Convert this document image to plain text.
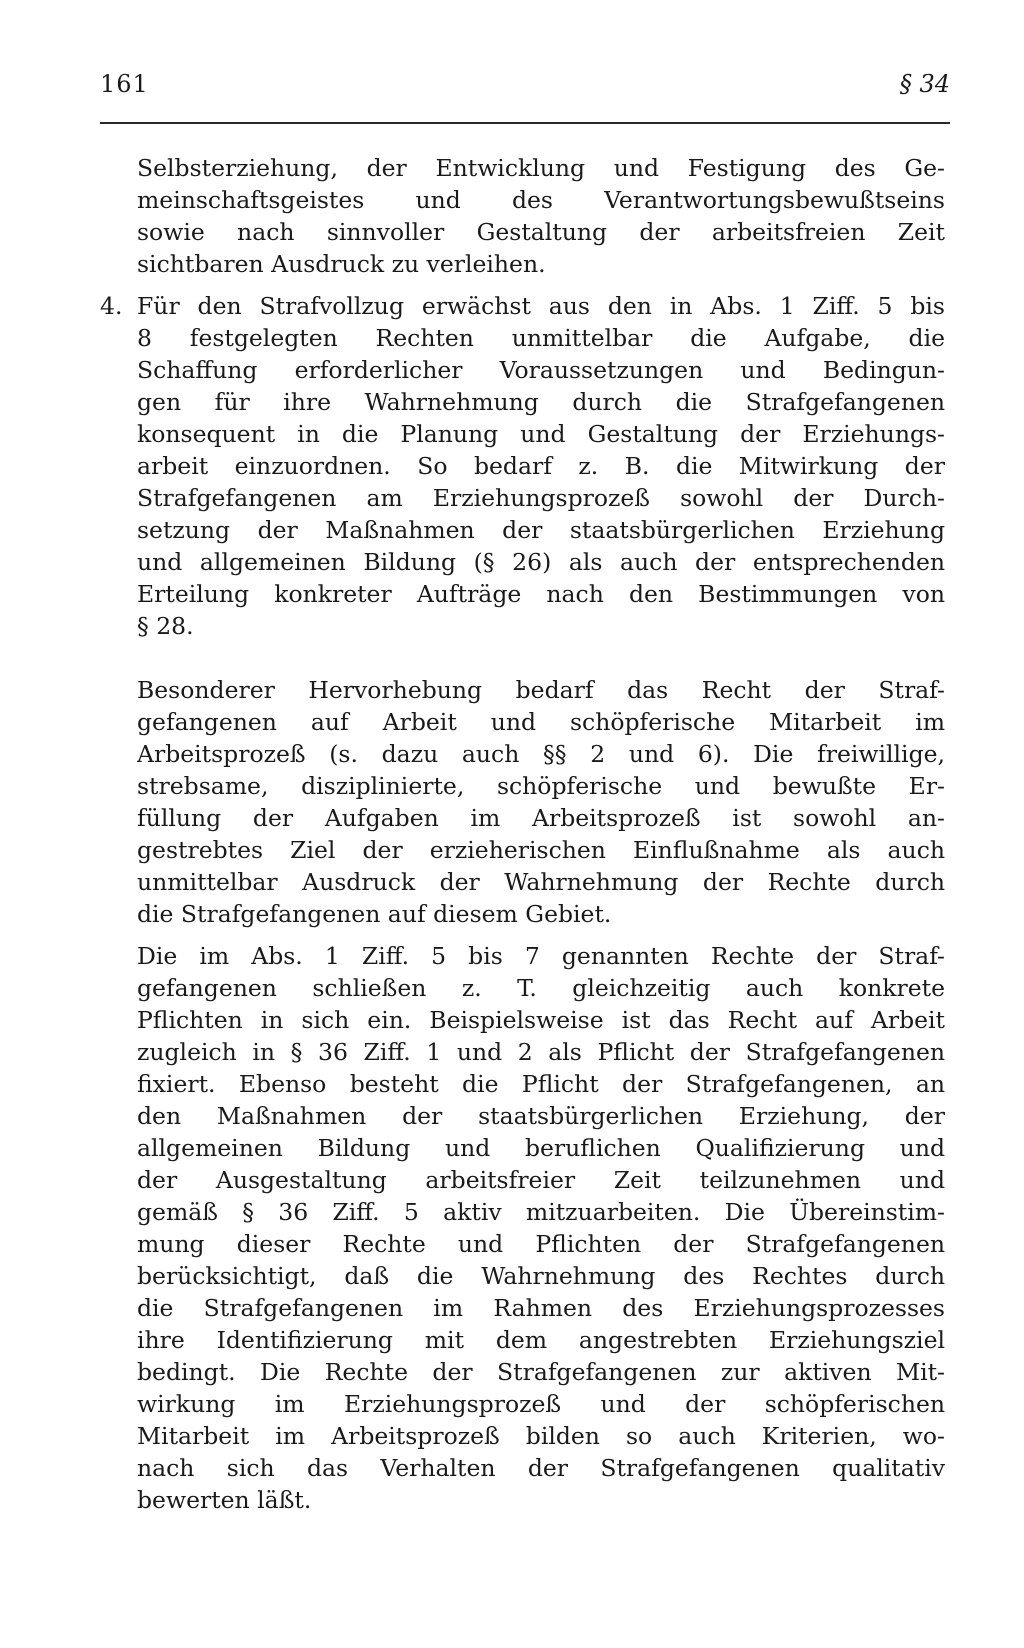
161	§ 34
Selbsterziehung, der Entwicklung und Festigung des Ge-
meinschaftsgeistes und des Verantwortungsbewußtseins
sowie nach sinnvoller Gestaltung der arbeitsfreien Zeit
sichtbaren Ausdruck zu verleihen.
4. Für den Strafvollzug erwächst aus den in Abs. 1 Ziff. 5 bis
8 festgelegten Rechten unmittelbar die Aufgabe, die
Schaffung erforderlicher Voraussetzungen und Bedingun-
gen für ihre Wahrnehmung durch die Strafgefangenen
konsequent in die Planung und Gestaltung der Erziehungs-
arbeit einzuordnen. So bedarf z. B. die Mitwirkung der
Strafgefangenen am Erziehungsprozeß sowohl der Durch-
setzung der Maßnahmen der staatsbürgerlichen Erziehung
und allgemeinen Bildung (§ 26) als auch der entsprechenden
Erteilung konkreter Aufträge nach den Bestimmungen von
§ 28.
Besonderer Hervorhebung bedarf das Recht der Straf-
gefangenen auf Arbeit und schöpferische Mitarbeit im
Arbeitsprozeß (s. dazu auch §§ 2 und 6). Die freiwillige,
strebsame, disziplinierte, schöpferische und bewußte Er-
füllung der Aufgaben im Arbeitsprozeß ist sowohl an-
gestrebtes Ziel der erzieherischen Einflußnahme als auch
unmittelbar Ausdruck der Wahrnehmung der Rechte durch
die Strafgefangenen auf diesem Gebiet.
Die im Abs. 1 Ziff. 5 bis 7 genannten Rechte der Straf-
gefangenen schließen z. T. gleichzeitig auch konkrete
Pflichten in sich ein. Beispielsweise ist das Recht auf Arbeit
zugleich in § 36 Ziff. 1 und 2 als Pflicht der Strafgefangenen
fixiert. Ebenso besteht die Pflicht der Strafgefangenen, an
den Maßnahmen der staatsbürgerlichen Erziehung, der
allgemeinen Bildung und beruflichen Qualifizierung und
der Ausgestaltung arbeitsfreier Zeit teilzunehmen und
gemäß § 36 Ziff. 5 aktiv mitzuarbeiten. Die Übereinstim-
mung dieser Rechte und Pflichten der Strafgefangenen
berücksichtigt, daß die Wahrnehmung des Rechtes durch
die Strafgefangenen im Rahmen des Erziehungsprozesses
ihre Identifizierung mit dem angestrebten Erziehungsziel
bedingt. Die Rechte der Strafgefangenen zur aktiven Mit-
wirkung im Erziehungsprozeß und der schöpferischen
Mitarbeit im Arbeitsprozeß bilden so auch Kriterien, wo-
nach sich das Verhalten der Strafgefangenen qualitativ
bewerten läßt.
